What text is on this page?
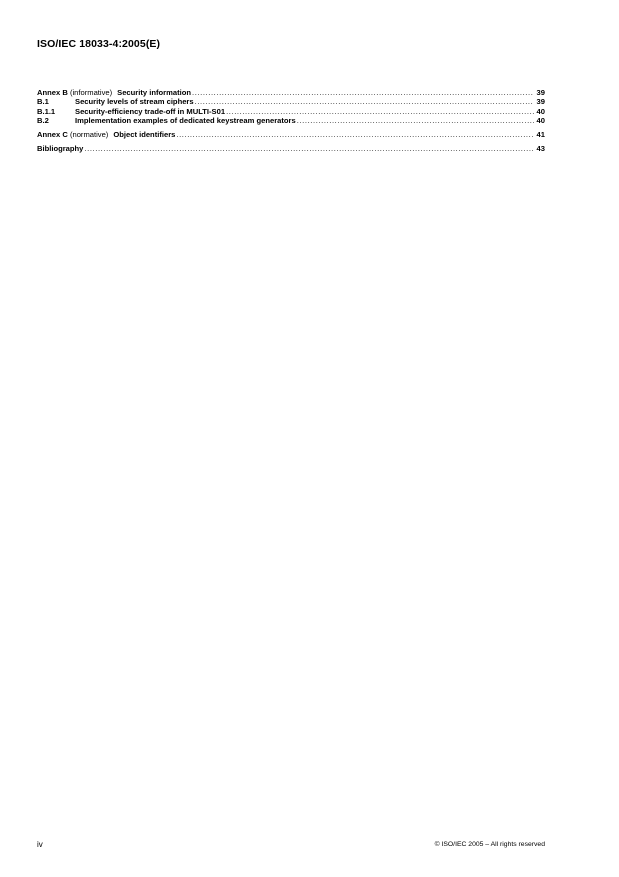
ISO/IEC 18033-4:2005(E)
Annex B (informative) Security information .....	39
B.1	Security levels of stream ciphers .....	39
B.1.1	Security-efficiency trade-off in MULTI-S01 .....	40
B.2	Implementation examples of dedicated keystream generators .....	40
Annex C (normative) Object identifiers .....	41
Bibliography .....	43
iv	© ISO/IEC 2005 – All rights reserved
